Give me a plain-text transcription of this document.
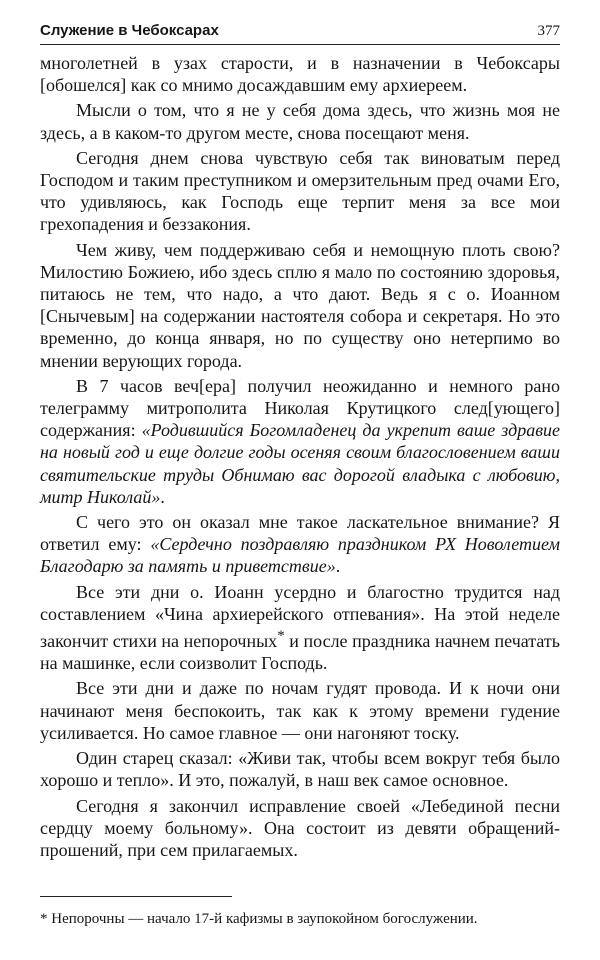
Служение в Чебоксарах	377

многолетней в узах старости, и в назначении в Чебоксары [обошелся] как со мнимо досаждавшим ему архиереем.

Мысли о том, что я не у себя дома здесь, что жизнь моя не здесь, а в каком-то другом месте, снова посещают меня.

Сегодня днем снова чувствую себя так виноватым перед Господом и таким преступником и омерзительным пред очами Его, что удивляюсь, как Господь еще терпит меня за все мои грехопадения и беззакония.

Чем живу, чем поддерживаю себя и немощную плоть свою? Милостию Божиею, ибо здесь сплю я мало по состоянию здоровья, питаюсь не тем, что надо, а что дают. Ведь я с о. Иоанном [Снычевым] на содержании настоятеля собора и секретаря. Но это временно, до конца января, но по существу оно нетерпимо во мнении верующих города.

В 7 часов веч[ера] получил неожиданно и немного рано телеграмму митрополита Николая Крутицкого след[ующего] содержания: «Родившийся Богомладенец да укрепит ваше здравие на новый год и еще долгие годы осеняя своим благословением ваши святительские труды Обнимаю вас дорогой владыка с любовию, митр Николай».

С чего это он оказал мне такое ласкательное внимание? Я ответил ему: «Сердечно поздравляю праздником РХ Новолетием Благодарю за память и приветствие».

Все эти дни о. Иоанн усердно и благостно трудится над составлением «Чина архиерейского отпевания». На этой неделе закончит стихи на непорочных* и после праздника начнем печатать на машинке, если соизволит Господь.

Все эти дни и даже по ночам гудят провода. И к ночи они начинают меня беспокоить, так как к этому времени гудение усиливается. Но самое главное — они нагоняют тоску.

Один старец сказал: «Живи так, чтобы всем вокруг тебя было хорошо и тепло». И это, пожалуй, в наш век самое основное.

Сегодня я закончил исправление своей «Лебединой песни сердцу моему больному». Она состоит из девяти обращений-прошений, при сем прилагаемых.

* Непорочны — начало 17-й кафизмы в заупокойном богослужении.
